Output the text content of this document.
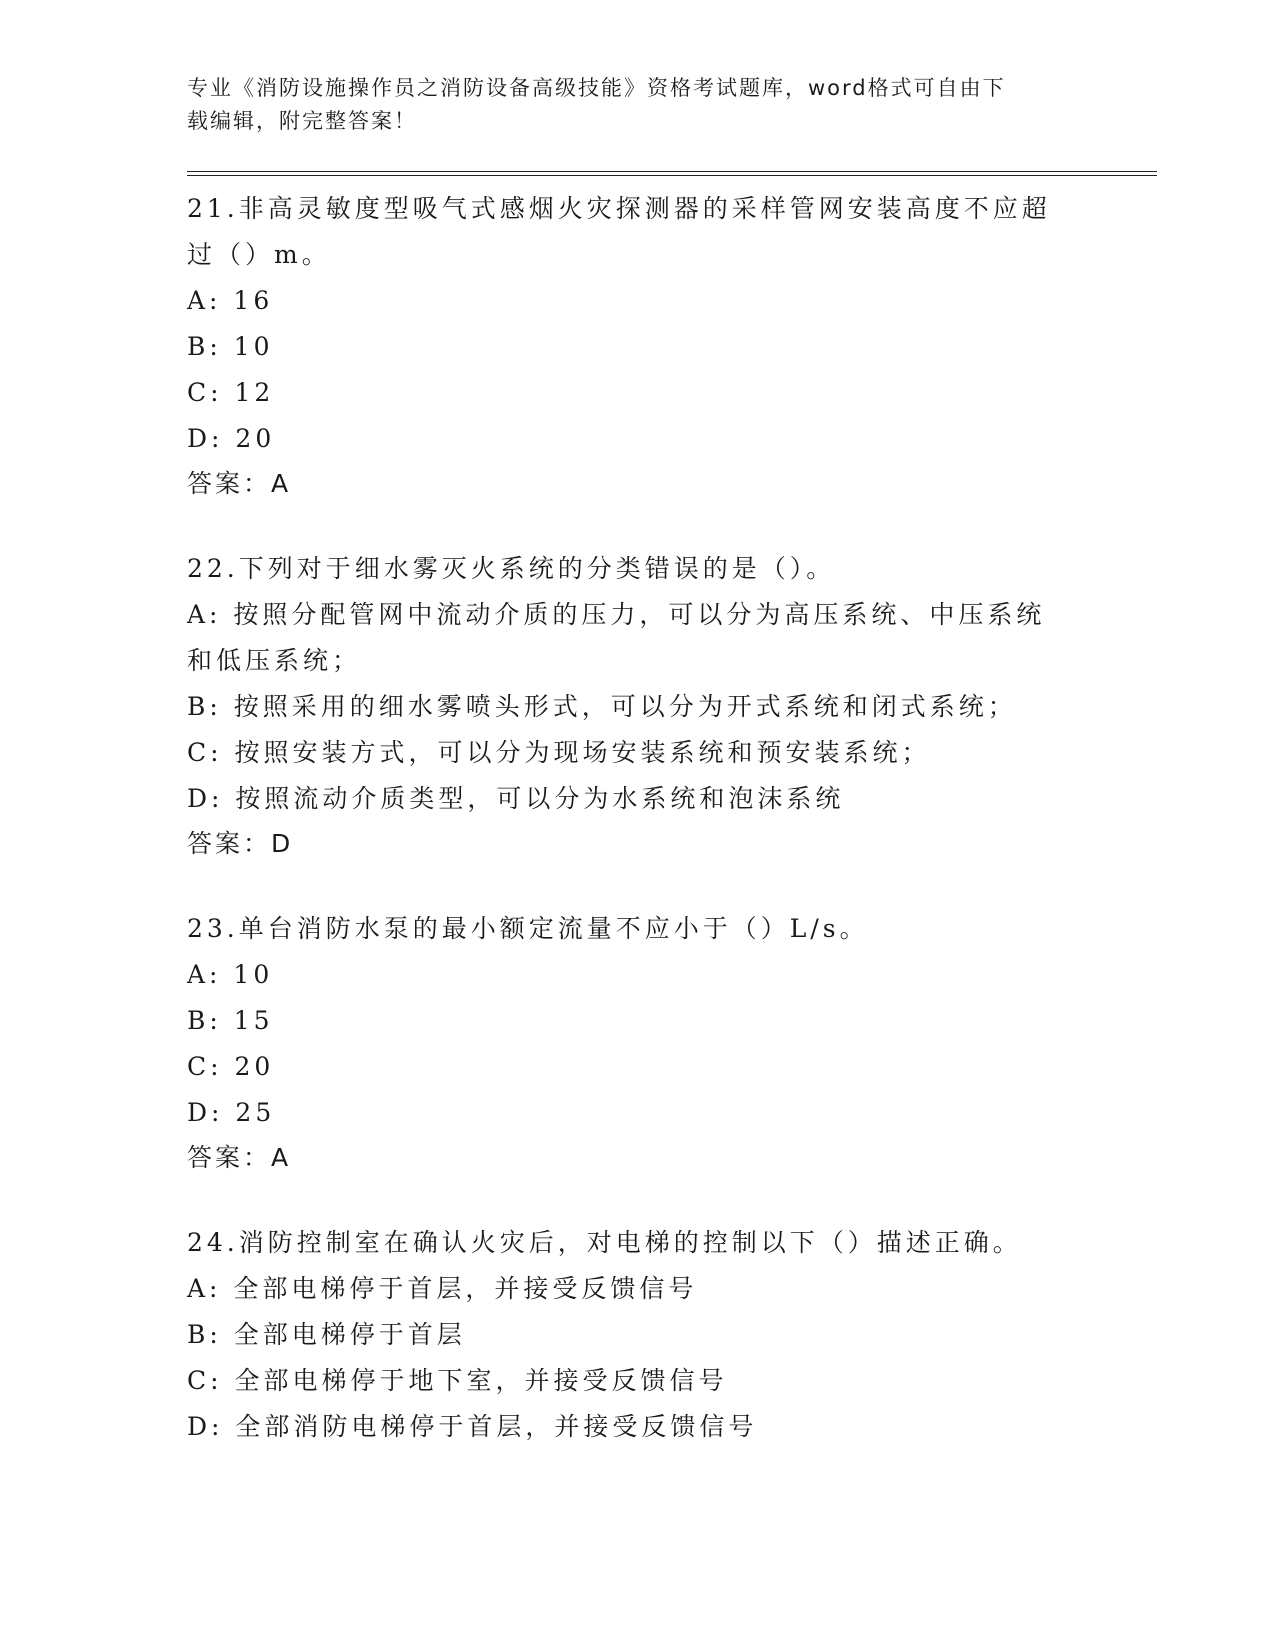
专业《消防设施操作员之消防设备高级技能》资格考试题库，word格式可自由下
载编辑，附完整答案！

21.非高灵敏度型吸气式感烟火灾探测器的采样管网安装高度不应超过（）m。

A: 16

B: 10

C: 12

D: 20

答案：A

22.下列对于细水雾灭火系统的分类错误的是（）。

A: 按照分配管网中流动介质的压力，可以分为高压系统、中压系统和低压系统；

B: 按照采用的细水雾喷头形式，可以分为开式系统和闭式系统；

C: 按照安装方式，可以分为现场安装系统和预安装系统；

D: 按照流动介质类型，可以分为水系统和泡沫系统

答案：D

23.单台消防水泵的最小额定流量不应小于（）L/s。

A: 10

B: 15

C: 20

D: 25

答案：A

24.消防控制室在确认火灾后，对电梯的控制以下（）描述正确。

A: 全部电梯停于首层，并接受反馈信号

B: 全部电梯停于首层

C: 全部电梯停于地下室，并接受反馈信号

D: 全部消防电梯停于首层，并接受反馈信号
